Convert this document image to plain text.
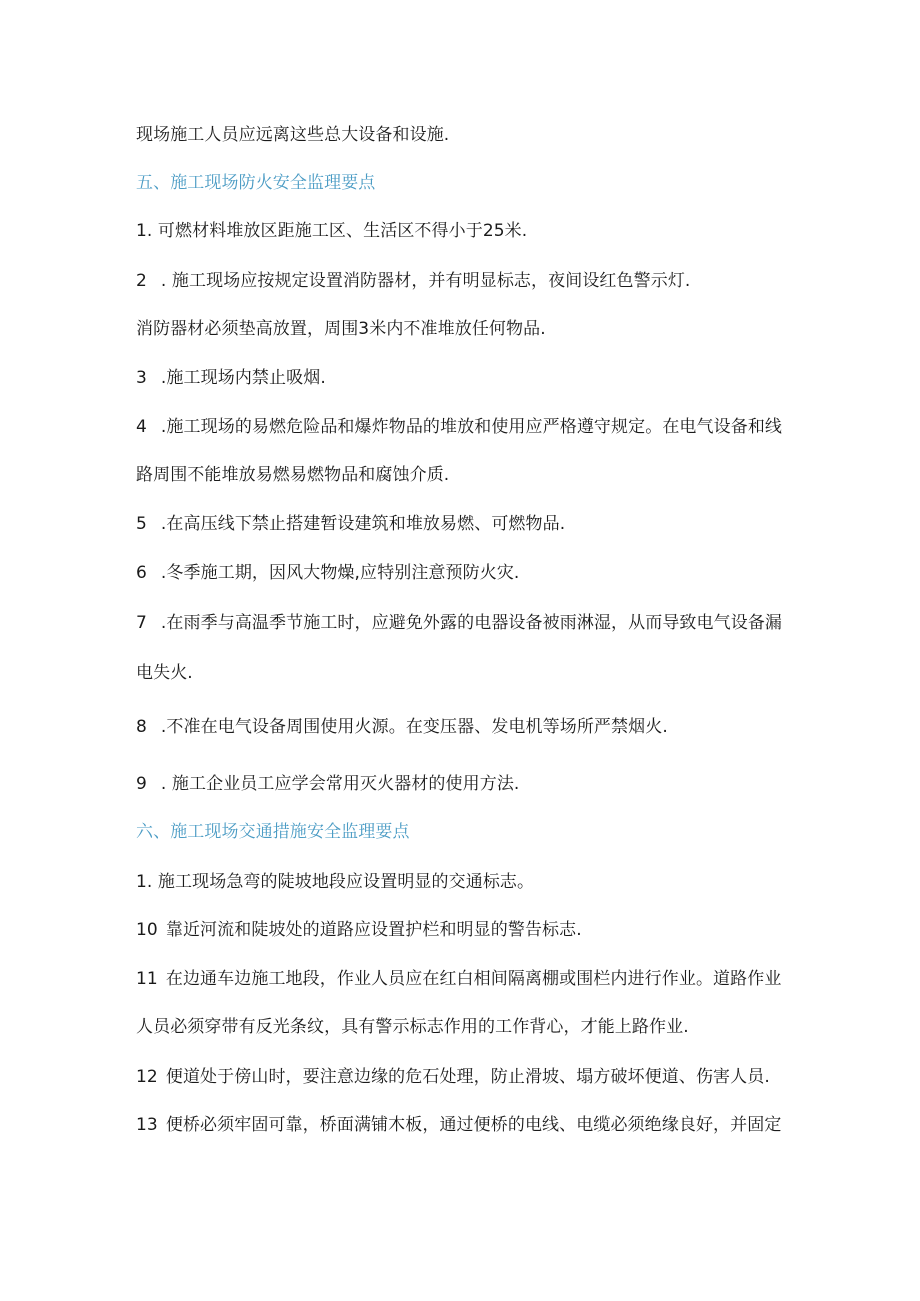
现场施工人员应远离这些总大设备和设施.
五、施工现场防火安全监理要点
1. 可燃材料堆放区距施工区、生活区不得小于25米.
2 . 施工现场应按规定设置消防器材，并有明显标志，夜间设红色警示灯.
消防器材必须垫高放置，周围3米内不准堆放任何物品.
3 .施工现场内禁止吸烟.
4 .施工现场的易燃危险品和爆炸物品的堆放和使用应严格遵守规定。在电气设备和线
路周围不能堆放易燃易燃物品和腐蚀介质.
5 .在高压线下禁止搭建暂设建筑和堆放易燃、可燃物品.
6 .冬季施工期，因风大物燥,应特别注意预防火灾.
7 .在雨季与高温季节施工时，应避免外露的电器设备被雨淋湿，从而导致电气设备漏
电失火.
8 .不准在电气设备周围使用火源。在变压器、发电机等场所严禁烟火.
9 . 施工企业员工应学会常用灭火器材的使用方法.
六、施工现场交通措施安全监理要点
1. 施工现场急弯的陡坡地段应设置明显的交通标志。
10 靠近河流和陡坡处的道路应设置护栏和明显的警告标志.
11 在边通车边施工地段，作业人员应在红白相间隔离棚或围栏内进行作业。道路作业
人员必须穿带有反光条纹，具有警示标志作用的工作背心，才能上路作业.
12 便道处于傍山时，要注意边缘的危石处理，防止滑坡、塌方破坏便道、伤害人员.
13 便桥必须牢固可靠，桥面满铺木板，通过便桥的电线、电缆必须绝缘良好，并固定
